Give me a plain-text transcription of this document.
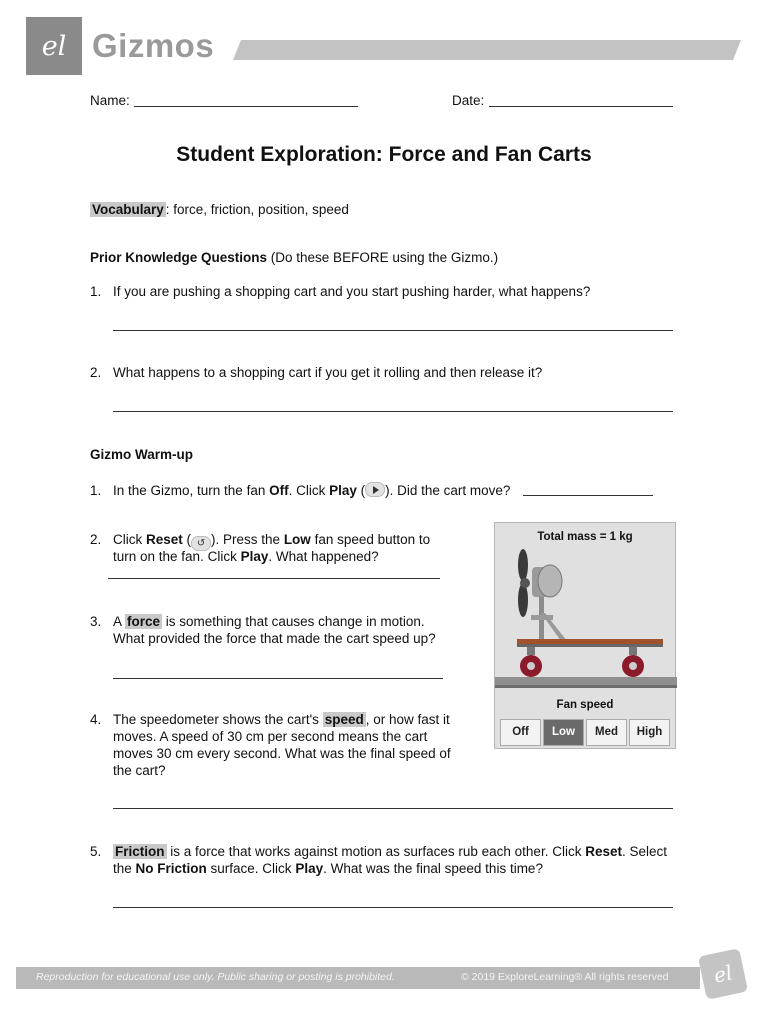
el Gizmos
Name:	Date:
Student Exploration: Force and Fan Carts
Vocabulary : force, friction, position, speed
Prior Knowledge Questions (Do these BEFORE using the Gizmo.)
1. If you are pushing a shopping cart and you start pushing harder, what happens?
2. What happens to a shopping cart if you get it rolling and then release it?
Gizmo Warm-up
1. In the Gizmo, turn the fan Off. Click Play ( ). Did the cart move?
2. Click Reset ( ↺ ). Press the Low fan speed button to
turn on the fan. Click Play. What happened?
3. A force is something that causes change in motion.
What provided the force that made the cart speed up?
4. The speedometer shows the cart's speed , or how fast it
moves. A speed of 30 cm per second means the cart
moves 30 cm every second. What was the final speed of
the cart?
5. Friction is a force that works against motion as surfaces rub each other. Click Reset. Select
the No Friction surface. Click Play. What was the final speed this time?
Total mass = 1 kg
Fan speed
Off	Low	Med	High
Reproduction for educational use only. Public sharing or posting is prohibited.	© 2019 ExploreLearning® All rights reserved	el
